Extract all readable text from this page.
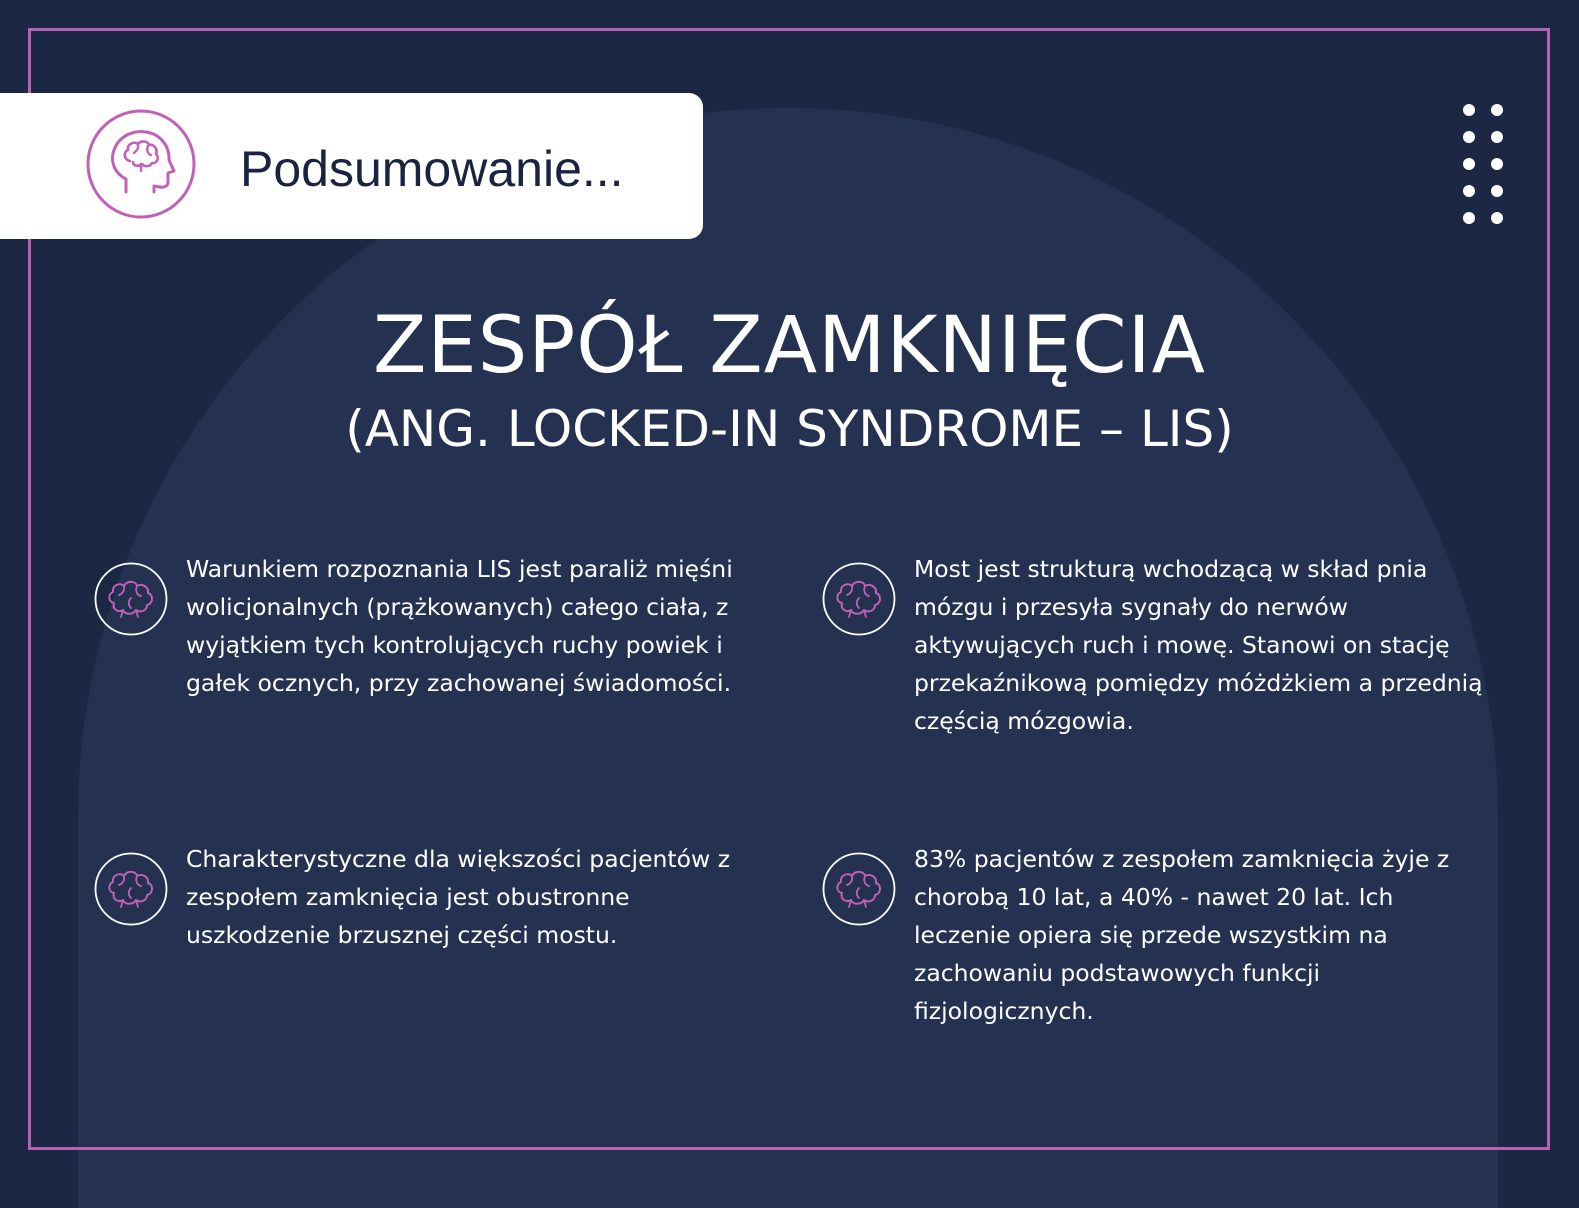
Podsumowanie...
ZESPÓŁ ZAMKNIĘCIA
(ANG. LOCKED-IN SYNDROME – LIS)
Warunkiem rozpoznania LIS jest paraliż mięśni wolicjonalnych (prążkowanych) całego ciała, z wyjątkiem tych kontrolujących ruchy powiek i gałek ocznych, przy zachowanej świadomości.
Most jest strukturą wchodzącą w skład pnia mózgu i przesyła sygnały do nerwów aktywujących ruch i mowę. Stanowi on stację przekaźnikową pomiędzy móżdżkiem a przednią częścią mózgowia.
Charakterystyczne dla większości pacjentów z zespołem zamknięcia jest obustronne uszkodzenie brzusznej części mostu.
83% pacjentów z zespołem zamknięcia żyje z chorobą 10 lat, a 40% - nawet 20 lat. Ich leczenie opiera się przede wszystkim na zachowaniu podstawowych funkcji fizjologicznych.
